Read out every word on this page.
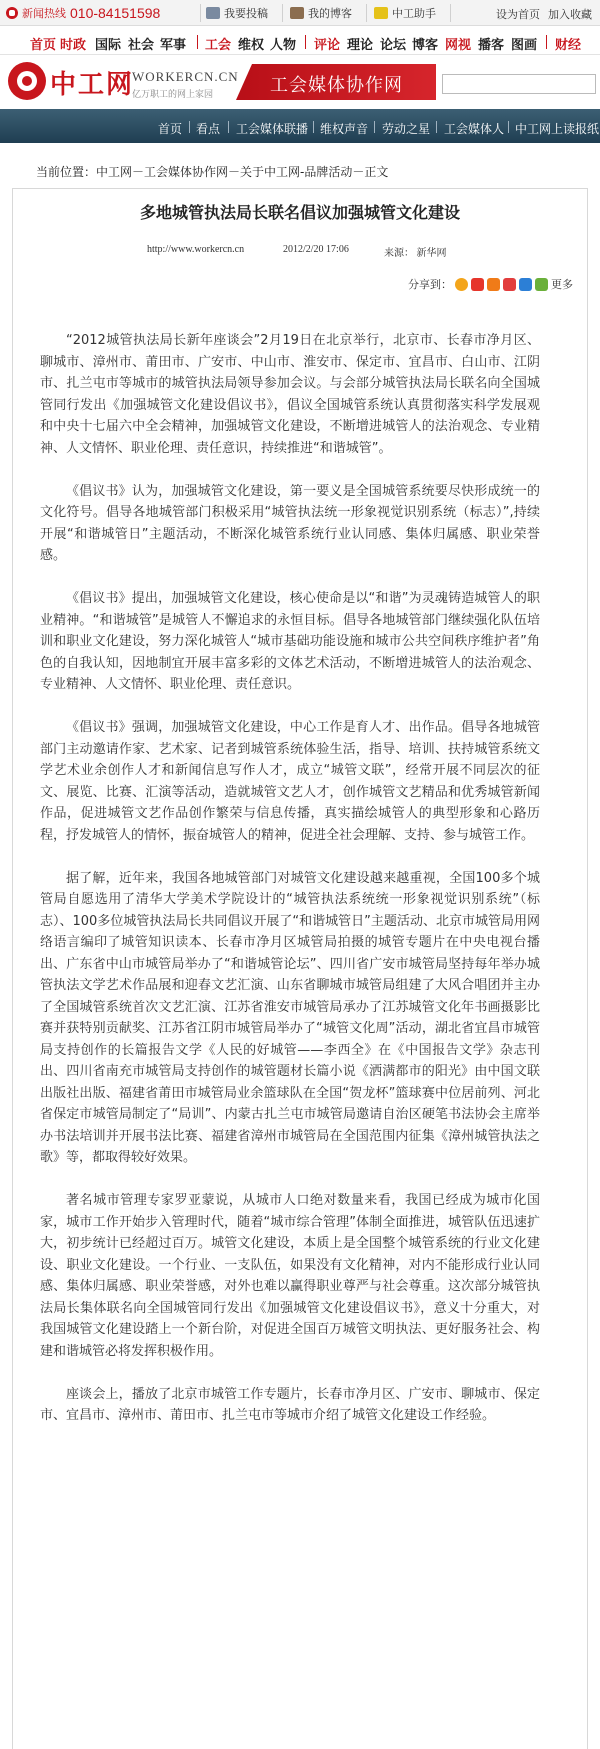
新闻热线 010-84151598	我要投稿	我的博客	中工助手	设为首页 加入收藏
首页 时政 国际 社会 军事 工会 维权 人物 评论 理论 论坛 博客 网视 播客 图画 财经
中工网
WORKERCN.CN
亿万职工的网上家园	工会媒体协作网
首页 看点 工会媒体联播 维权声音 劳动之星 工会媒体人 中工网上读报纸
当前位置：中工网－工会媒体协作网－关于中工网-品牌活动－正文
多地城管执法局长联名倡议加强城管文化建设
http://www.workercn.cn	2012/2/20 17:06	来源： 新华网
分享到：	更多

“2012城管执法局长新年座谈会”2月19日在北京举行，北京市、长春市净月区、聊城市、漳州市、莆田市、广安市、中山市、淮安市、保定市、宜昌市、白山市、江阴市、扎兰屯市等城市的城管执法局领导参加会议。与会部分城管执法局长联名向全国城管同行发出《加强城管文化建设倡议书》，倡议全国城管系统认真贯彻落实科学发展观和中央十七届六中全会精神，加强城管文化建设，不断增进城管人的法治观念、专业精神、人文情怀、职业伦理、责任意识，持续推进“和谐城管”。

《倡议书》认为，加强城管文化建设，第一要义是全国城管系统要尽快形成统一的文化符号。倡导各地城管部门积极采用“城管执法统一形象视觉识别系统（标志）”,持续开展“和谐城管日”主题活动，不断深化城管系统行业认同感、集体归属感、职业荣誉感。

《倡议书》提出，加强城管文化建设，核心使命是以“和谐”为灵魂铸造城管人的职业精神。“和谐城管”是城管人不懈追求的永恒目标。倡导各地城管部门继续强化队伍培训和职业文化建设，努力深化城管人“城市基础功能设施和城市公共空间秩序维护者”角色的自我认知，因地制宜开展丰富多彩的文体艺术活动，不断增进城管人的法治观念、专业精神、人文情怀、职业伦理、责任意识。

《倡议书》强调，加强城管文化建设，中心工作是育人才、出作品。倡导各地城管部门主动邀请作家、艺术家、记者到城管系统体验生活，指导、培训、扶持城管系统文学艺术业余创作人才和新闻信息写作人才，成立“城管文联”，经常开展不同层次的征文、展览、比赛、汇演等活动，造就城管文艺人才，创作城管文艺精品和优秀城管新闻作品，促进城管文艺作品创作繁荣与信息传播，真实描绘城管人的典型形象和心路历程，抒发城管人的情怀，振奋城管人的精神，促进全社会理解、支持、参与城管工作。

据了解，近年来，我国各地城管部门对城管文化建设越来越重视，全国100多个城管局自愿选用了清华大学美术学院设计的“城管执法系统统一形象视觉识别系统”（标志）、100多位城管执法局长共同倡议开展了“和谐城管日”主题活动、北京市城管局用网络语言编印了城管知识读本、长春市净月区城管局拍摄的城管专题片在中央电视台播出、广东省中山市城管局举办了“和谐城管论坛”、四川省广安市城管局坚持每年举办城管执法文学艺术作品展和迎春文艺汇演、山东省聊城市城管局组建了大风合唱团并主办了全国城管系统首次文艺汇演、江苏省淮安市城管局承办了江苏城管文化年书画摄影比赛并获特别贡献奖、江苏省江阴市城管局举办了“城管文化周”活动，湖北省宜昌市城管局支持创作的长篇报告文学《人民的好城管——李西全》在《中国报告文学》杂志刊出、四川省南充市城管局支持创作的城管题材长篇小说《洒满都市的阳光》由中国文联出版社出版、福建省莆田市城管局业余篮球队在全国“贺龙杯”篮球赛中位居前列、河北省保定市城管局制定了“局训”、内蒙古扎兰屯市城管局邀请自治区硬笔书法协会主席举办书法培训并开展书法比赛、福建省漳州市城管局在全国范围内征集《漳州城管执法之歌》等，都取得较好效果。

著名城市管理专家罗亚蒙说，从城市人口绝对数量来看，我国已经成为城市化国家，城市工作开始步入管理时代，随着“城市综合管理”体制全面推进，城管队伍迅速扩大，初步统计已经超过百万。城管文化建设，本质上是全国整个城管系统的行业文化建设、职业文化建设。一个行业、一支队伍，如果没有文化精神，对内不能形成行业认同感、集体归属感、职业荣誉感，对外也难以赢得职业尊严与社会尊重。这次部分城管执法局长集体联名向全国城管同行发出《加强城管文化建设倡议书》，意义十分重大，对我国城管文化建设踏上一个新台阶，对促进全国百万城管文明执法、更好服务社会、构建和谐城管必将发挥积极作用。

座谈会上，播放了北京市城管工作专题片，长春市净月区、广安市、聊城市、保定市、宜昌市、漳州市、莆田市、扎兰屯市等城市介绍了城管文化建设工作经验。
